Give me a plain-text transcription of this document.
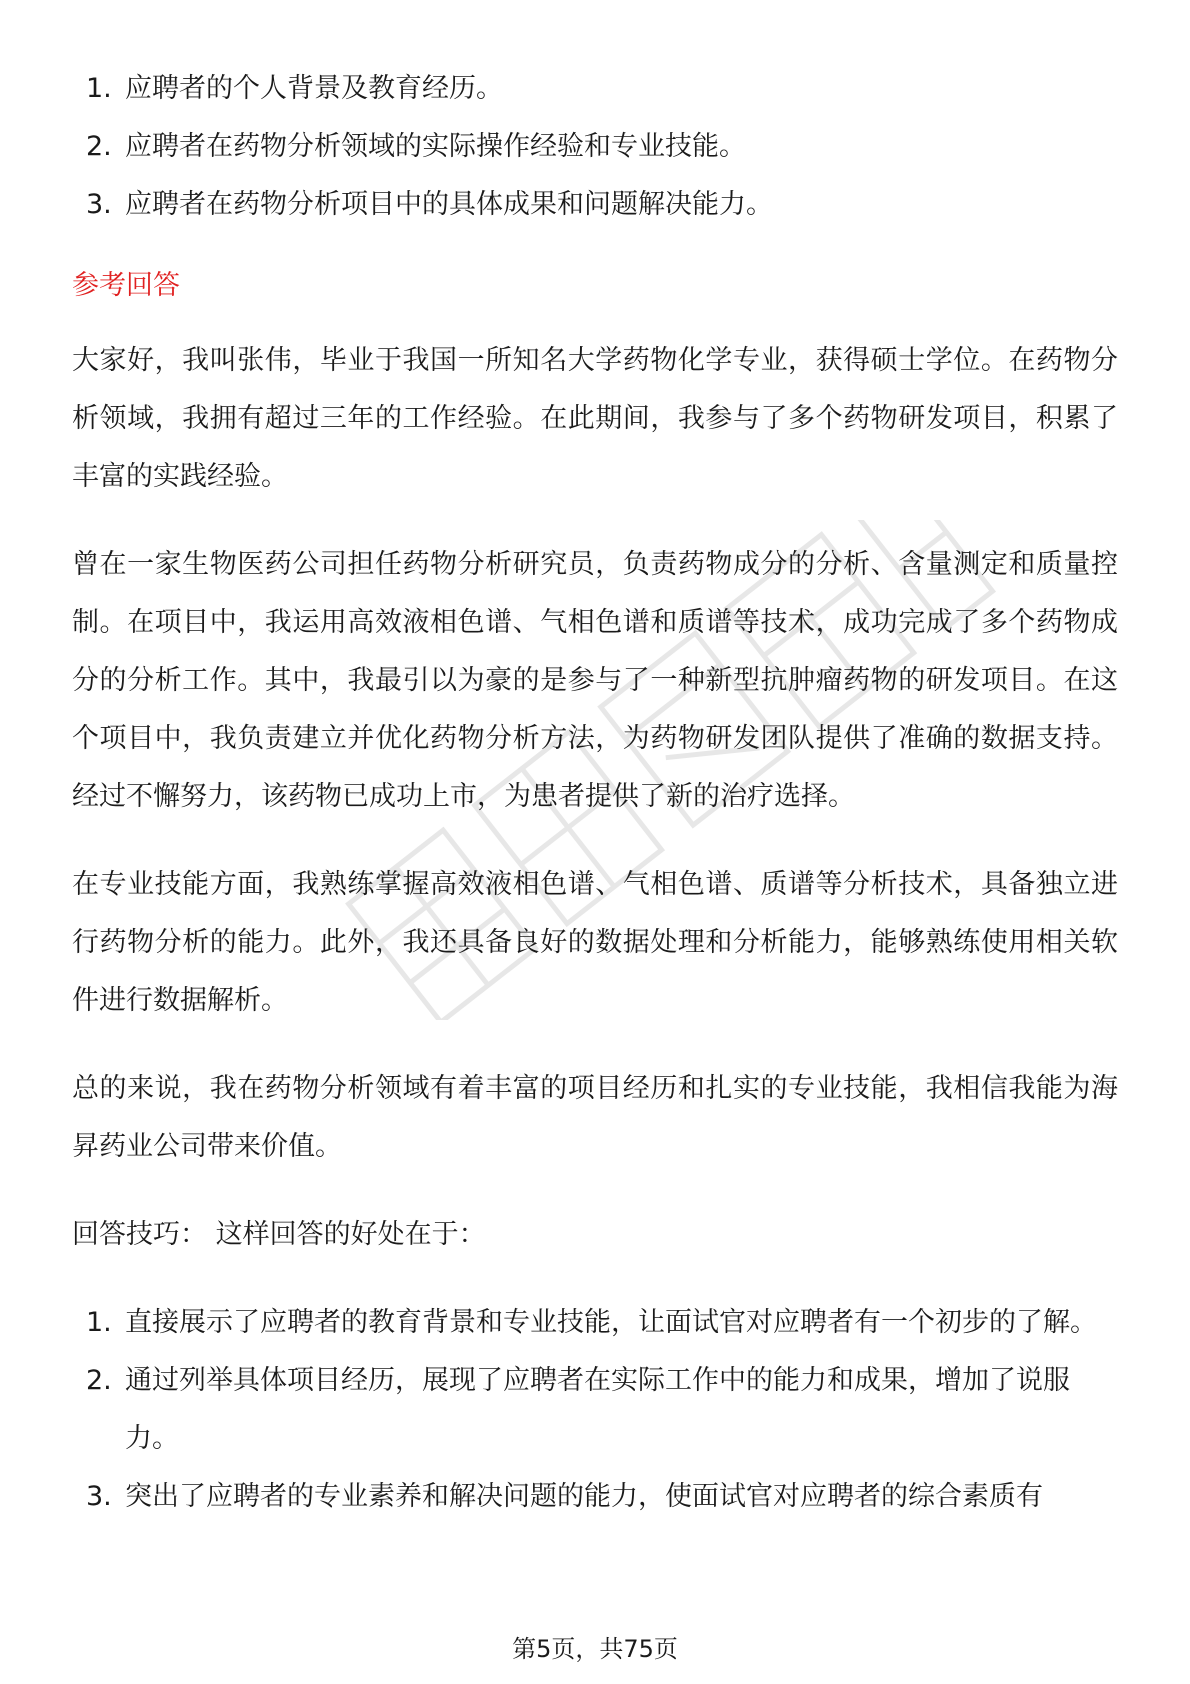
1. 应聘者的个人背景及教育经历。
2. 应聘者在药物分析领域的实际操作经验和专业技能。
3. 应聘者在药物分析项目中的具体成果和问题解决能力。
参考回答

大家好，我叫张伟，毕业于我国一所知名大学药物化学专业，获得硕士学位。在药物分析领域，我拥有超过三年的工作经验。在此期间，我参与了多个药物研发项目，积累了丰富的实践经验。

曾在一家生物医药公司担任药物分析研究员，负责药物成分的分析、含量测定和质量控制。在项目中，我运用高效液相色谱、气相色谱和质谱等技术，成功完成了多个药物成分的分析工作。其中，我最引以为豪的是参与了一种新型抗肿瘤药物的研发项目。在这个项目中，我负责建立并优化药物分析方法，为药物研发团队提供了准确的数据支持。经过不懈努力，该药物已成功上市，为患者提供了新的治疗选择。

在专业技能方面，我熟练掌握高效液相色谱、气相色谱、质谱等分析技术，具备独立进行药物分析的能力。此外，我还具备良好的数据处理和分析能力，能够熟练使用相关软件进行数据解析。

总的来说，我在药物分析领域有着丰富的项目经历和扎实的专业技能，我相信我能为海昇药业公司带来价值。

回答技巧： 这样回答的好处在于：

1. 直接展示了应聘者的教育背景和专业技能，让面试官对应聘者有一个初步的了解。
2. 通过列举具体项目经历，展现了应聘者在实际工作中的能力和成果，增加了说服力。
3. 突出了应聘者的专业素养和解决问题的能力，使面试官对应聘者的综合素质有
第5页，共75页
